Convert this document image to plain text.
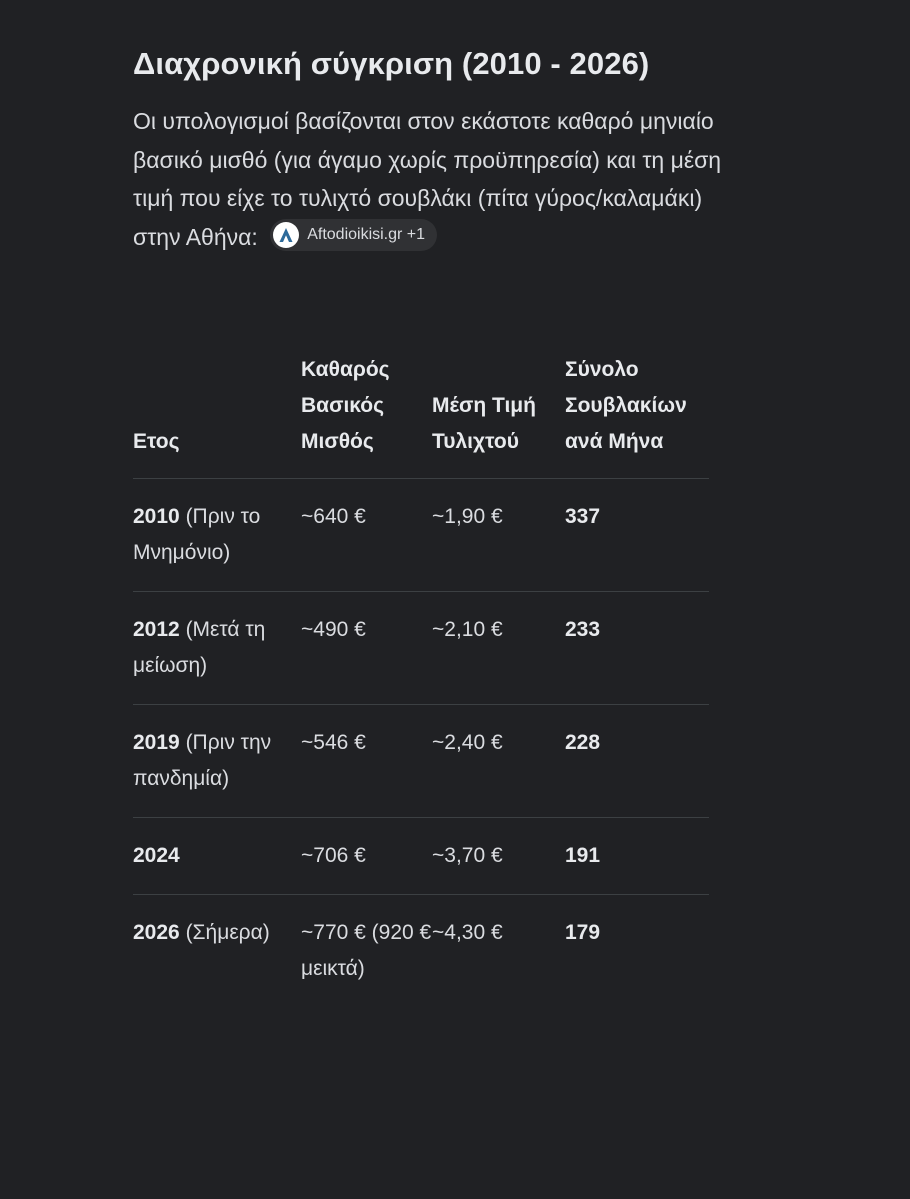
Διαχρονική σύγκριση (2010 - 2026)

Οι υπολογισμοί βασίζονται στον εκάστοτε καθαρό μηνιαίο βασικό μισθό (για άγαμο χωρίς προϋπηρεσία) και τη μέση τιμή που είχε το τυλιχτό σουβλάκι (πίτα γύρος/καλαμάκι) στην Αθήνα:	Aftodioikisi.gr +1

Ετος	Καθαρός Βασικός Μισθός	Μέση Τιμή Τυλιχτού	Σύνολο Σουβλακίων ανά Μήνα
2010 (Πριν το Μνημόνιο)	~640 €	~1,90 €	337
2012 (Μετά τη μείωση)	~490 €	~2,10 €	233
2019 (Πριν την πανδημία)	~546 €	~2,40 €	228
2024	~706 €	~3,70 €	191
2026 (Σήμερα)	~770 € (920 € μεικτά)	~4,30 €	179
